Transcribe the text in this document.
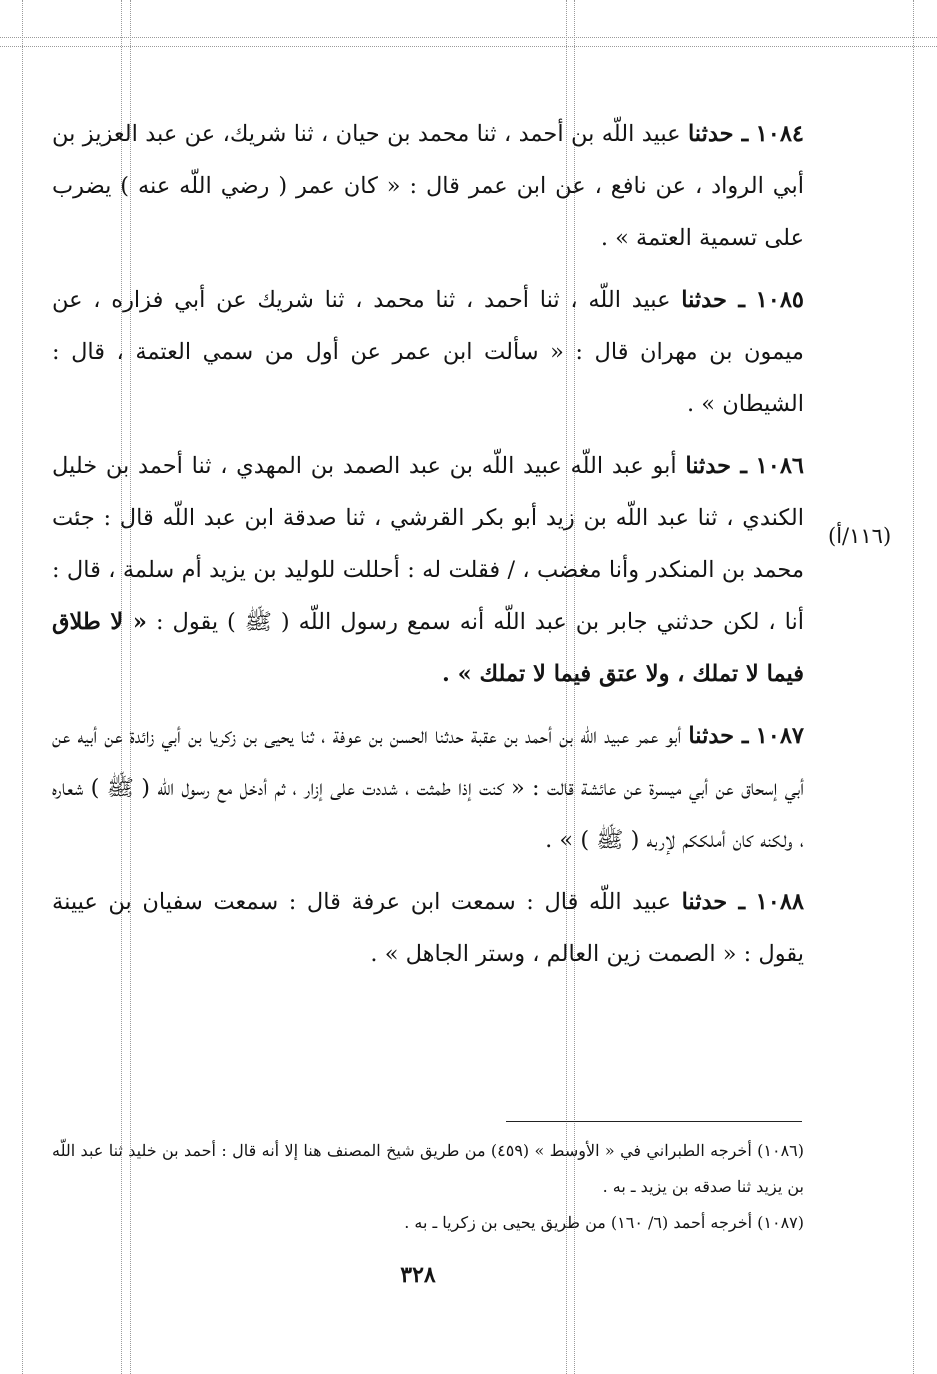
١٠٨٤ ـ حدثنا عبيد اللّه بن أحمد ، ثنا محمد بن حيان ، ثنا شريك، عن عبد العزيز بن أبي الرواد ، عن نافع ، عن ابن عمر قال : « كان عمر ( رضي اللّه عنه ) يضرب على تسمية العتمة » .

١٠٨٥ ـ حدثنا عبيد اللّه ، ثنا أحمد ، ثنا محمد ، ثنا شريك عن أبي فزاره ، عن ميمون بن مهران قال : « سألت ابن عمر عن أول من سمي العتمة ، قال : الشيطان » .

١٠٨٦ ـ حدثنا أبو عبد اللّه عبيد اللّه بن عبد الصمد بن المهدي ، ثنا أحمد بن خليل الكندي ، ثنا عبد اللّه بن زيد أبو بكر القرشي ، ثنا صدقة ابن عبد اللّه قال : جئت محمد بن المنكدر وأنا مغضب ، / فقلت له : أحللت للوليد بن يزيد أم سلمة ، قال : أنا ، لكن حدثني جابر بن عبد اللّه أنه سمع رسول اللّه ( ﷺ ) يقول : « لا طلاق فيما لا تملك ، ولا عتق فيما لا تملك » .

١٠٨٧ ـ حدثنا أبو عمر عبيد اللّه بن أحمد بن عقبة حدثنا الحسن بن عوفة ، ثنا يحيى بن زكريا بن أبي زائدة عن أبيه عن أبي إسحاق عن أبي ميسرة عن عائشة قالت : « كنت إذا طمثت ، شددت على إزار ، ثم أدخل مع رسول اللّه ( ﷺ ) شعاره ، ولكنه كان أملككم لإربه ( ﷺ ) » .

١٠٨٨ ـ حدثنا عبيد اللّه قال : سمعت ابن عرفة قال : سمعت سفيان بن عيينة يقول : « الصمت زين العالم ، وستر الجاهل » .

(١١٦/أ)

(١٠٨٦) أخرجه الطبراني في « الأوسط » (٤٥٩) من طريق شيخ المصنف هنا إلا أنه قال : أحمد بن خليد ثنا عبد اللّه بن يزيد ثنا صدقه بن يزيد ـ به .

(١٠٨٧) أخرجه أحمد (٦/ ١٦٠) من طريق يحيى بن زكريا ـ به .

٣٢٨
